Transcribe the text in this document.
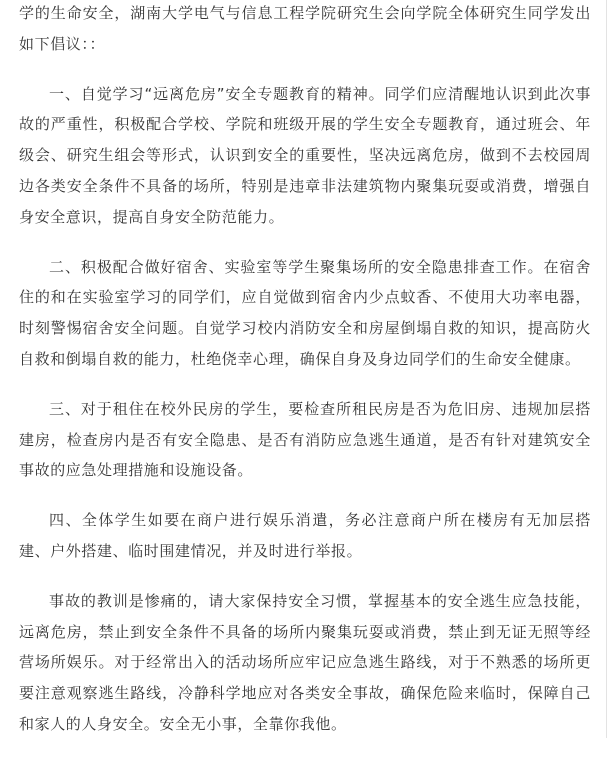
学的生命安全，湖南大学电气与信息工程学院研究生会向学院全体研究生同学发出如下倡议：：

一、自觉学习“远离危房”安全专题教育的精神。同学们应清醒地认识到此次事故的严重性，积极配合学校、学院和班级开展的学生安全专题教育，通过班会、年级会、研究生组会等形式，认识到安全的重要性，坚决远离危房，做到不去校园周边各类安全条件不具备的场所，特别是违章非法建筑物内聚集玩耍或消费，增强自身安全意识，提高自身安全防范能力。

二、积极配合做好宿舍、实验室等学生聚集场所的安全隐患排查工作。在宿舍住的和在实验室学习的同学们，应自觉做到宿舍内少点蚊香、不使用大功率电器，时刻警惕宿舍安全问题。自觉学习校内消防安全和房屋倒塌自救的知识，提高防火自救和倒塌自救的能力，杜绝侥幸心理，确保自身及身边同学们的生命安全健康。

三、对于租住在校外民房的学生，要检查所租民房是否为危旧房、违规加层搭建房，检查房内是否有安全隐患、是否有消防应急逃生通道，是否有针对建筑安全事故的应急处理措施和设施设备。

四、全体学生如要在商户进行娱乐消遣，务必注意商户所在楼房有无加层搭建、户外搭建、临时围建情况，并及时进行举报。

事故的教训是惨痛的，请大家保持安全习惯，掌握基本的安全逃生应急技能，远离危房，禁止到安全条件不具备的场所内聚集玩耍或消费，禁止到无证无照等经营场所娱乐。对于经常出入的活动场所应牢记应急逃生路线，对于不熟悉的场所更要注意观察逃生路线，冷静科学地应对各类安全事故，确保危险来临时，保障自己和家人的人身安全。安全无小事，全靠你我他。
